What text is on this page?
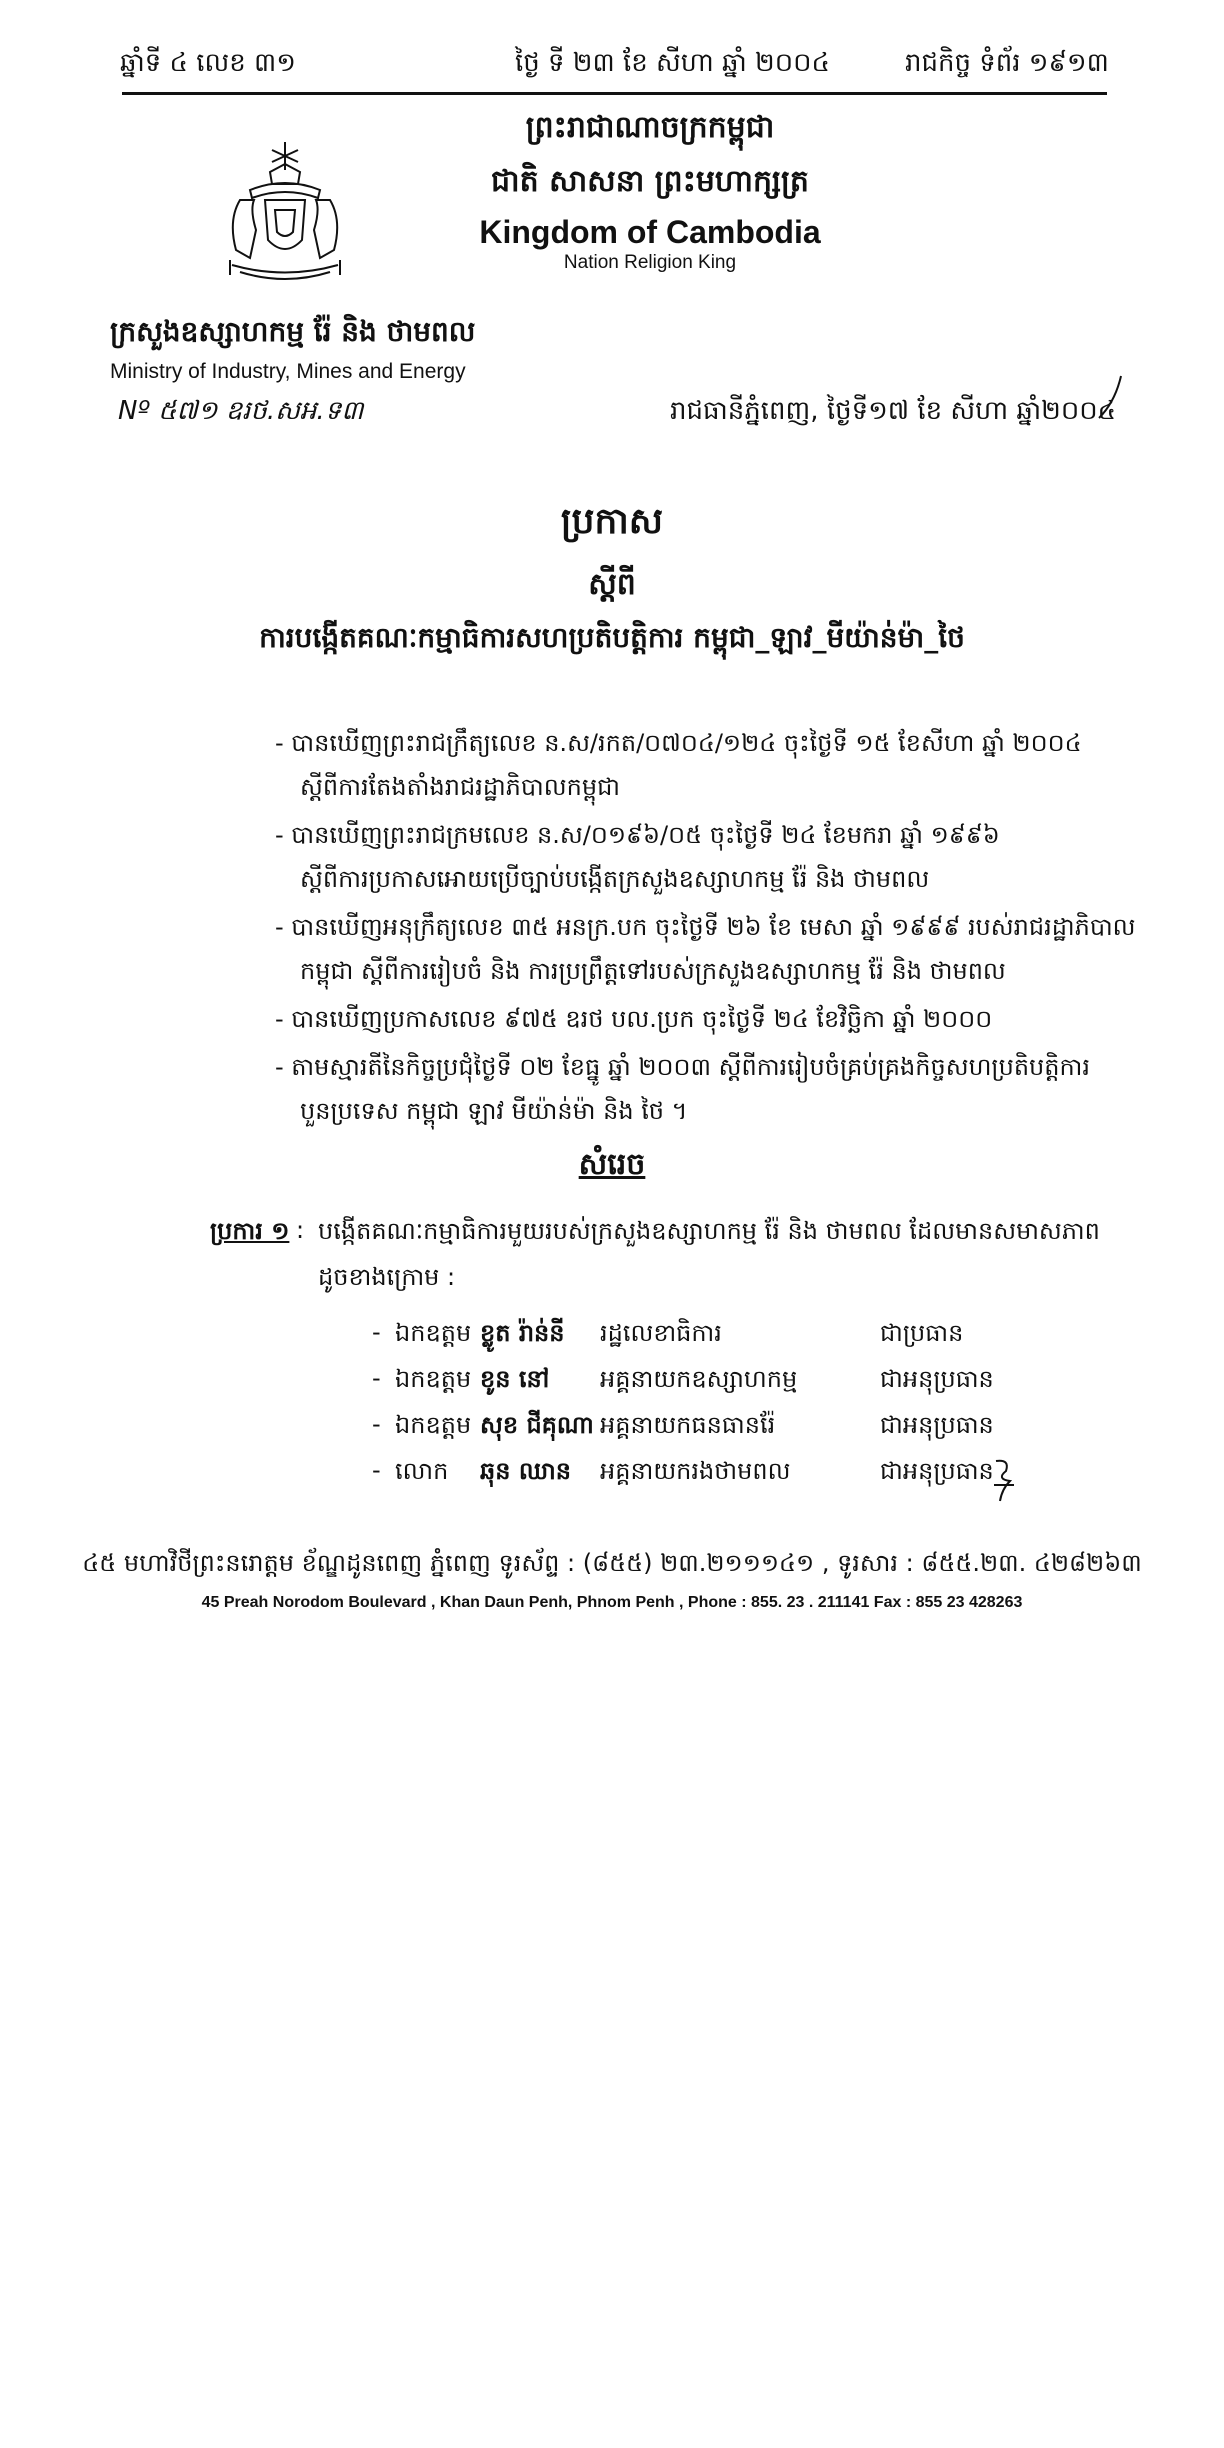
ឆ្នាំទី ៤ លេខ ៣១	ថ្ងៃ ទី ២៣ ខែ សីហា ឆ្នាំ ២០០៤	រាជកិច្ច ទំព័រ ១៩១៣
ព្រះរាជាណាចក្រកម្ពុជា
ជាតិ សាសនា ព្រះមហាក្សត្រ
Kingdom of Cambodia
Nation Religion King
ក្រសួងឧស្សាហកម្ម រ៉ែ និង ថាមពល
Ministry of Industry, Mines and Energy
Nº ៥៧១ ឧរថ.សអ.ទ៣	រាជធានីភ្នំពេញ, ថ្ងៃទី១៧ ខែ សីហា ឆ្នាំ២០០៤
ប្រកាស
ស្តីពី
ការបង្កើតគណៈកម្មាធិការសហប្រតិបត្តិការ កម្ពុជា_ឡាវ_មីយ៉ាន់ម៉ា_ថៃ
- បានឃើញព្រះរាជក្រឹត្យលេខ ន.ស/រកត/០៧០៤/១២៤ ចុះថ្ងៃទី ១៥ ខែសីហា ឆ្នាំ ២០០៤
ស្តីពីការតែងតាំងរាជរដ្ឋាភិបាលកម្ពុជា
- បានឃើញព្រះរាជក្រមលេខ ន.ស/០១៩៦/០៥ ចុះថ្ងៃទី ២៤ ខែមករា ឆ្នាំ ១៩៩៦
ស្តីពីការប្រកាសអោយប្រើច្បាប់បង្កើតក្រសួងឧស្សាហកម្ម រ៉ែ និង ថាមពល
- បានឃើញអនុក្រឹត្យលេខ ៣៥ អនក្រ.បក ចុះថ្ងៃទី ២៦ ខែ មេសា ឆ្នាំ ១៩៩៩ របស់រាជរដ្ឋាភិបាល
កម្ពុជា ស្តីពីការរៀបចំ និង ការប្រព្រឹត្តទៅរបស់ក្រសួងឧស្សាហកម្ម រ៉ែ និង ថាមពល
- បានឃើញប្រកាសលេខ ៩៧៥ ឧរថ បល.ប្រក ចុះថ្ងៃទី ២៤ ខែវិច្ឆិកា ឆ្នាំ ២០០០
- តាមស្មារតីនៃកិច្ចប្រជុំថ្ងៃទី ០២ ខែធ្នូ ឆ្នាំ ២០០៣ ស្តីពីការរៀបចំគ្រប់គ្រងកិច្ចសហប្រតិបត្តិការ
បួនប្រទេស កម្ពុជា ឡាវ មីយ៉ាន់ម៉ា និង ថៃ ។
សំរេច
ប្រការ ១ : បង្កើតគណៈកម្មាធិការមួយរបស់ក្រសួងឧស្សាហកម្ម រ៉ែ និង ថាមពល ដែលមានសមាសភាព
ដូចខាងក្រោម :
- ឯកឧត្តម ខ្លូត រ៉ាន់នី រដ្ឋលេខាធិការ	ជាប្រធាន
- ឯកឧត្តម ខូន នៅ អគ្គនាយកឧស្សាហកម្ម	ជាអនុប្រធាន
- ឯកឧត្តម សុខ ជីគុណា អគ្គនាយកធនធានរ៉ែ	ជាអនុប្រធាន
- លោក ឆុន ឈាន អគ្គនាយករងថាមពល	ជាអនុប្រធាន
៤៥ មហាវិថីព្រះនរោត្តម ខ័ណ្ឌដូនពេញ ភ្នំពេញ ទូរស័ព្ទ : (៨៥៥) ២៣.២១១១៤១ , ទូរសារ : ៨៥៥.២៣. ៤២៨២៦៣
45 Preah Norodom Boulevard , Khan Daun Penh, Phnom Penh , Phone : 855. 23 . 211141 Fax : 855 23 428263
